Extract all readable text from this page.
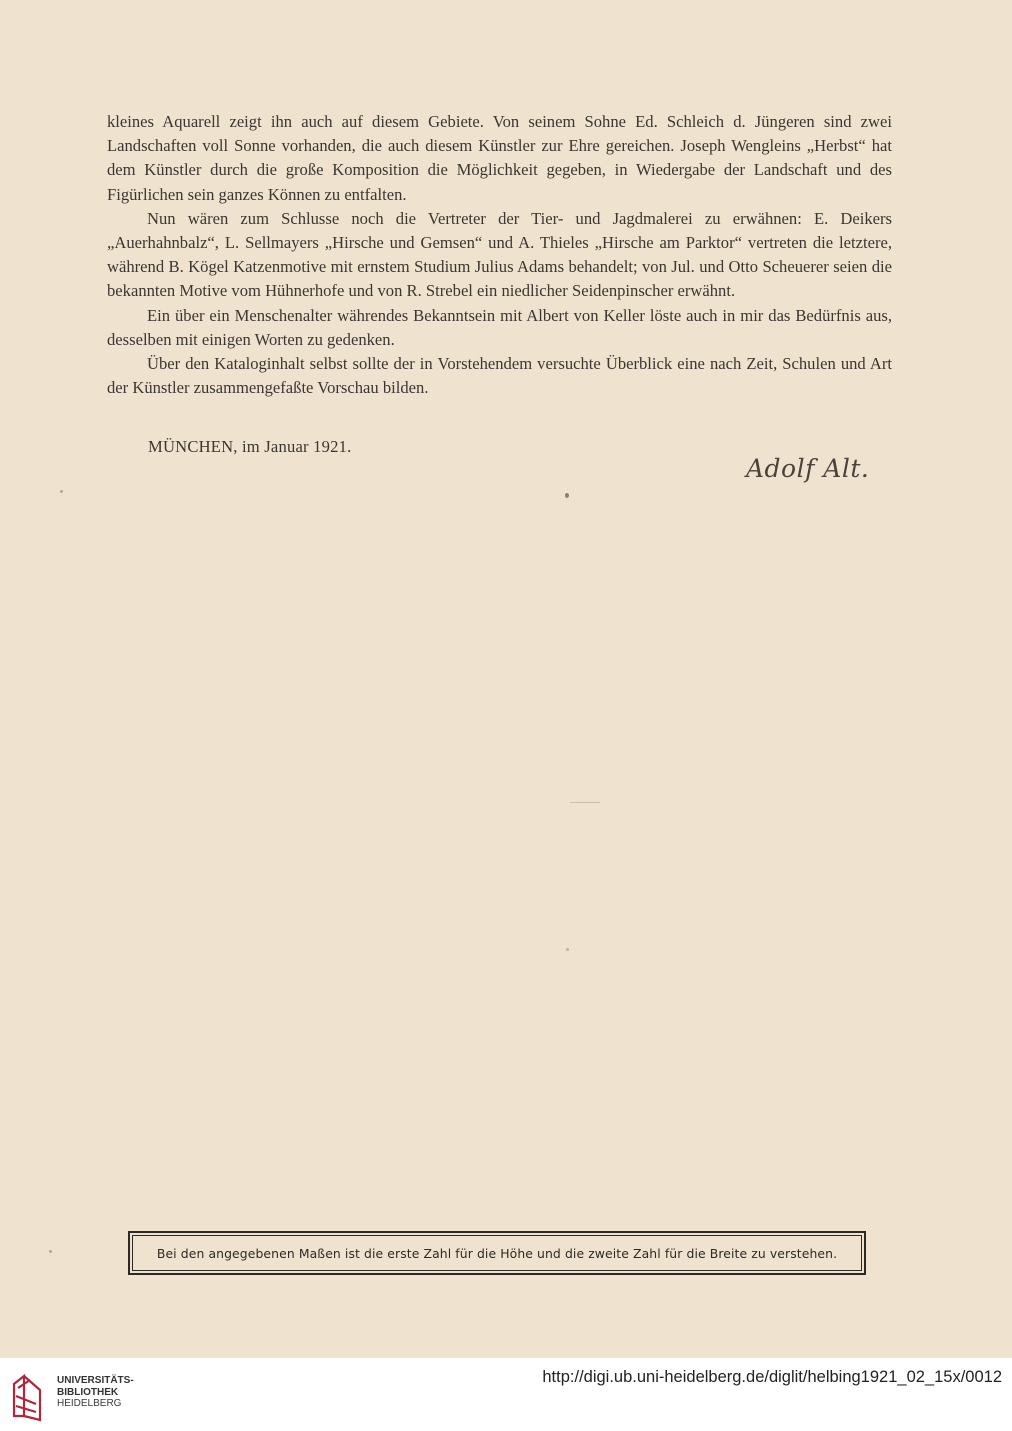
kleines Aquarell zeigt ihn auch auf diesem Gebiete. Von seinem Sohne Ed. Schleich d. Jüngeren sind zwei Landschaften voll Sonne vorhanden, die auch diesem Künstler zur Ehre gereichen. Joseph Wengleins „Herbst“ hat dem Künstler durch die große Komposition die Möglichkeit gegeben, in Wiedergabe der Landschaft und des Figürlichen sein ganzes Können zu entfalten.

Nun wären zum Schlusse noch die Vertreter der Tier- und Jagdmalerei zu erwähnen: E. Deikers „Auerhahnbalz“, L. Sellmayers „Hirsche und Gemsen“ und A. Thieles „Hirsche am Parktor“ vertreten die letztere, während B. Kögel Katzenmotive mit ernstem Studium Julius Adams behandelt; von Jul. und Otto Scheuerer seien die bekannten Motive vom Hühnerhofe und von R. Strebel ein niedlicher Seidenpinscher erwähnt.

Ein über ein Menschenalter währendes Bekanntsein mit Albert von Keller löste auch in mir das Bedürfnis aus, desselben mit einigen Worten zu gedenken.

Über den Kataloginhalt selbst sollte der in Vorstehendem versuchte Überblick eine nach Zeit, Schulen und Art der Künstler zusammengefaßte Vorschau bilden.

MÜNCHEN, im Januar 1921.
Adolf Alt.
Bei den angegebenen Maßen ist die erste Zahl für die Höhe und die zweite Zahl für die Breite zu verstehen.
UNIVERSITÄTS-
BIBLIOTHEK
HEIDELBERG
http://digi.ub.uni-heidelberg.de/diglit/helbing1921_02_15x/0012
